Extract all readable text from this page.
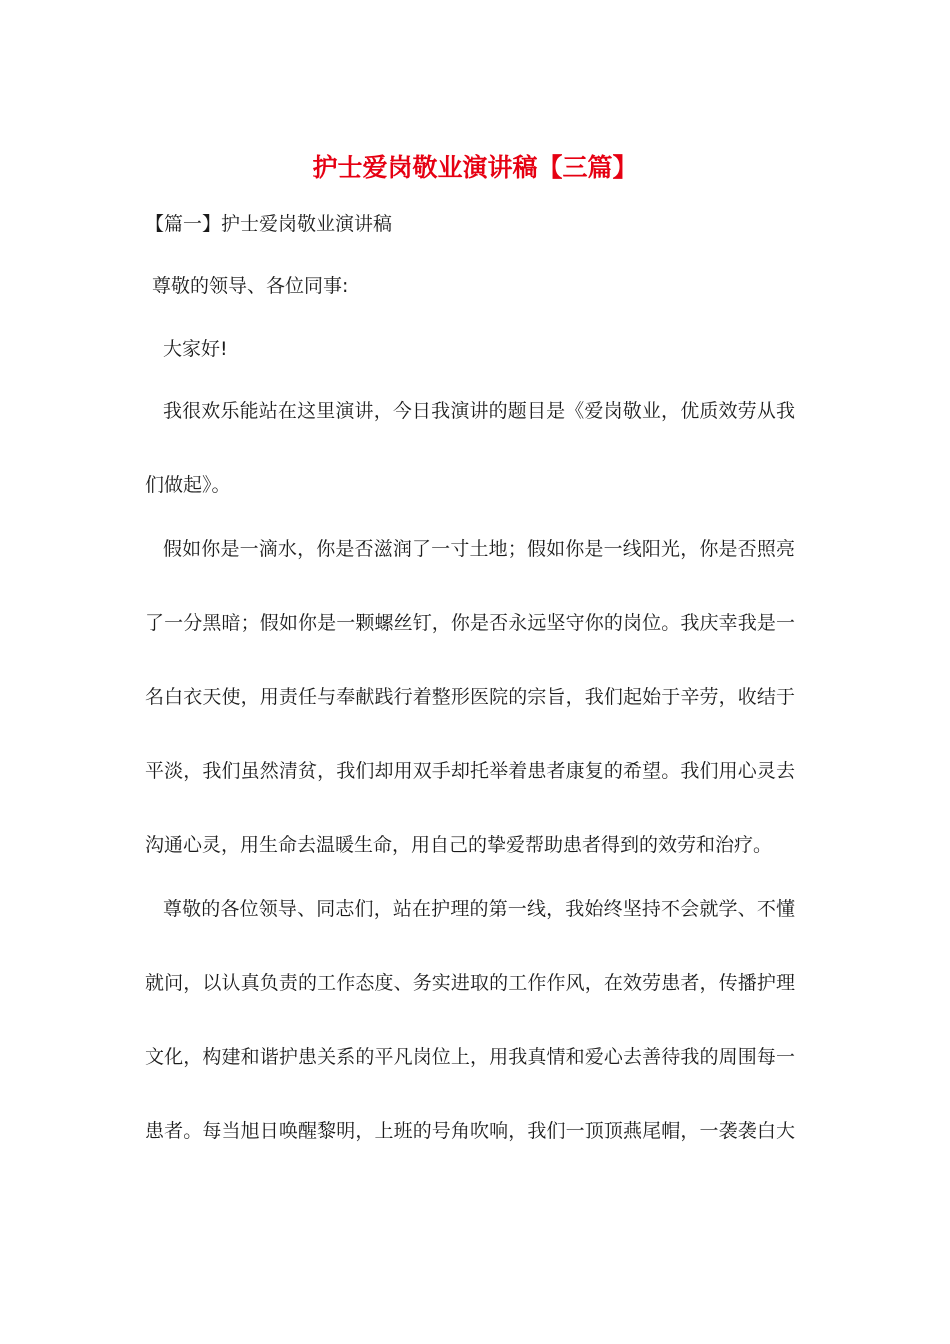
护士爱岗敬业演讲稿【三篇】

【篇一】护士爱岗敬业演讲稿

尊敬的领导、各位同事:

大家好!

我很欢乐能站在这里演讲，今日我演讲的题目是《爱岗敬业，优质效劳从我
们做起》。

假如你是一滴水，你是否滋润了一寸土地；假如你是一线阳光，你是否照亮
了一分黑暗；假如你是一颗螺丝钉，你是否永远坚守你的岗位。我庆幸我是一
名白衣天使，用责任与奉献践行着整形医院的宗旨，我们起始于辛劳，收结于
平淡，我们虽然清贫，我们却用双手却托举着患者康复的希望。我们用心灵去
沟通心灵，用生命去温暖生命，用自己的挚爱帮助患者得到的效劳和治疗。

尊敬的各位领导、同志们，站在护理的第一线，我始终坚持不会就学、不懂
就问，以认真负责的工作态度、务实进取的工作作风，在效劳患者，传播护理
文化，构建和谐护患关系的平凡岗位上，用我真情和爱心去善待我的周围每一
患者。每当旭日唤醒黎明，上班的号角吹响，我们一顶顶燕尾帽，一袭袭白大
